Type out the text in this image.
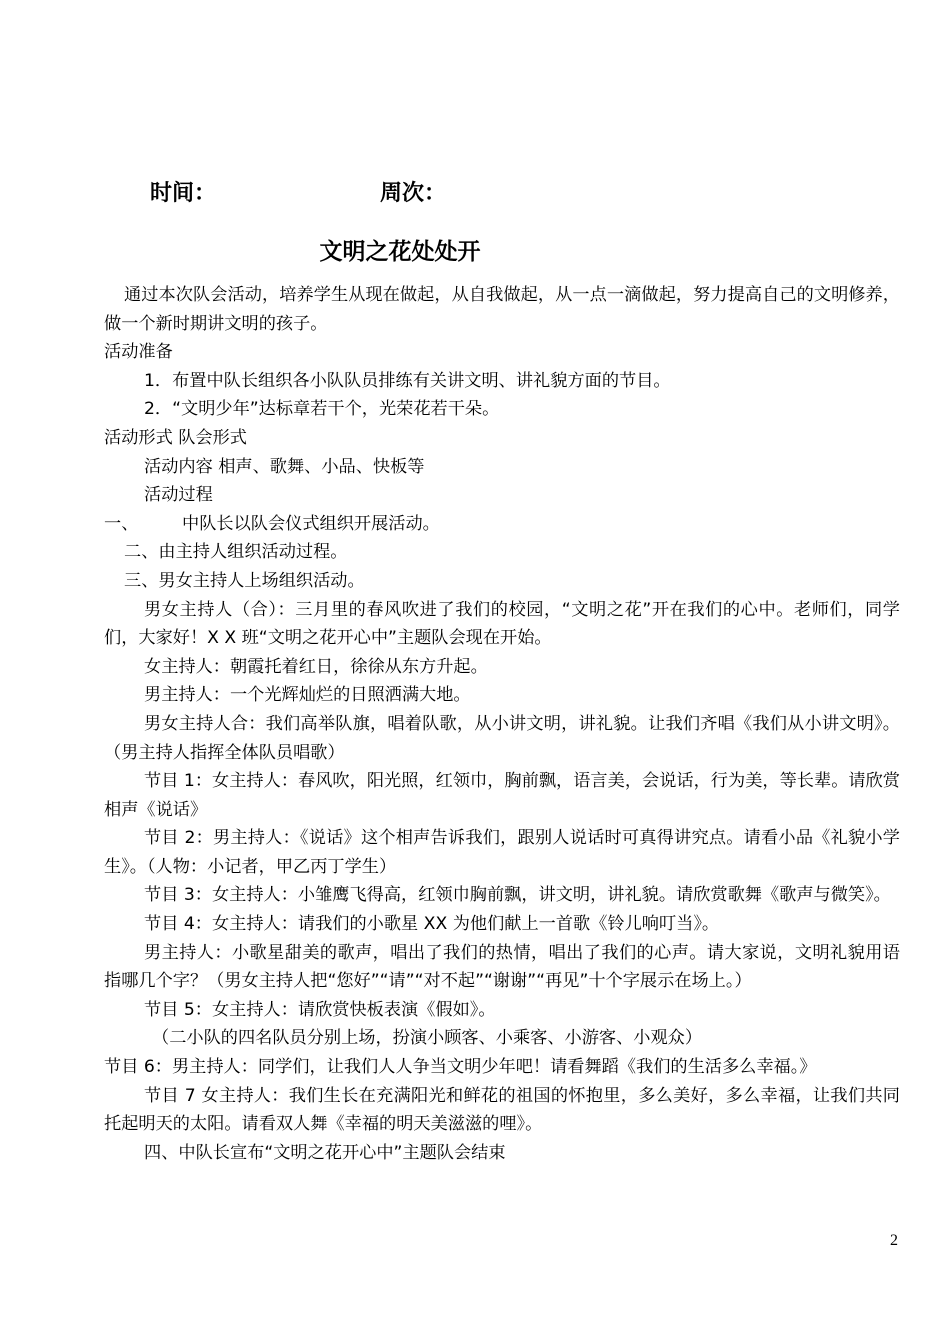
时间：	周次：
文明之花处处开

通过本次队会活动，培养学生从现在做起，从自我做起，从一点一滴做起，努力提高自己的文明修养，做一个新时期讲文明的孩子。

活动准备

1．布置中队长组织各小队队员排练有关讲文明、讲礼貌方面的节目。

2．“文明少年”达标章若干个，光荣花若干朵。

活动形式 队会形式

活动内容 相声、歌舞、小品、快板等

活动过程

一、	中队长以队会仪式组织开展活动。

二、由主持人组织活动过程。

三、男女主持人上场组织活动。

男女主持人（合）：三月里的春风吹进了我们的校园，“文明之花”开在我们的心中。老师们，同学们，大家好！X X 班“文明之花开心中”主题队会现在开始。

女主持人：朝霞托着红日，徐徐从东方升起。

男主持人：一个光辉灿烂的日照洒满大地。

男女主持人合：我们高举队旗，唱着队歌，从小讲文明，讲礼貌。让我们齐唱《我们从小讲文明》。（男主持人指挥全体队员唱歌）

节目 1：女主持人：春风吹，阳光照，红领巾，胸前飘，语言美，会说话，行为美，等长辈。请欣赏相声《说话》

节目 2：男主持人：《说话》这个相声告诉我们，跟别人说话时可真得讲究点。请看小品《礼貌小学生》。（人物：小记者，甲乙丙丁学生）

节目 3：女主持人：小雏鹰飞得高，红领巾胸前飘，讲文明，讲礼貌。请欣赏歌舞《歌声与微笑》。

节目 4：女主持人：请我们的小歌星 XX 为他们献上一首歌《铃儿响叮当》。

男主持人：小歌星甜美的歌声，唱出了我们的热情，唱出了我们的心声。请大家说，文明礼貌用语指哪几个字？（男女主持人把“您好”“请”“对不起”“谢谢”“再见”十个字展示在场上。）

节目 5：女主持人：请欣赏快板表演《假如》。

（二小队的四名队员分别上场，扮演小顾客、小乘客、小游客、小观众）

节目 6：男主持人：同学们，让我们人人争当文明少年吧！请看舞蹈《我们的生活多么幸福。》

节目 7 女主持人：我们生长在充满阳光和鲜花的祖国的怀抱里，多么美好，多么幸福，让我们共同托起明天的太阳。请看双人舞《幸福的明天美滋滋的哩》。

四、中队长宣布“文明之花开心中”主题队会结束

2
